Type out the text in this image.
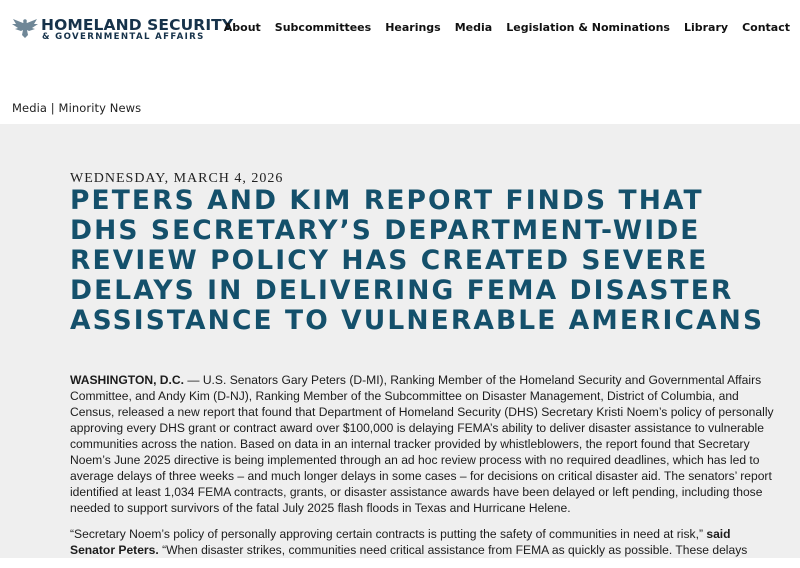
HOMELAND SECURITY
& GOVERNMENTAL AFFAIRS
About Subcommittees Hearings Media Legislation & Nominations Library Contact
Media | Minority News
WEDNESDAY, MARCH 4, 2026
PETERS AND KIM REPORT FINDS THAT DHS SECRETARY’S DEPARTMENT-WIDE REVIEW POLICY HAS CREATED SEVERE DELAYS IN DELIVERING FEMA DISASTER ASSISTANCE TO VULNERABLE AMERICANS

WASHINGTON, D.C. — U.S. Senators Gary Peters (D-MI), Ranking Member of the Homeland Security and Governmental Affairs Committee, and Andy Kim (D-NJ), Ranking Member of the Subcommittee on Disaster Management, District of Columbia, and Census, released a new report that found that Department of Homeland Security (DHS) Secretary Kristi Noem’s policy of personally approving every DHS grant or contract award over $100,000 is delaying FEMA’s ability to deliver disaster assistance to vulnerable communities across the nation. Based on data in an internal tracker provided by whistleblowers, the report found that Secretary Noem’s June 2025 directive is being implemented through an ad hoc review process with no required deadlines, which has led to average delays of three weeks – and much longer delays in some cases – for decisions on critical disaster aid. The senators’ report identified at least 1,034 FEMA contracts, grants, or disaster assistance awards have been delayed or left pending, including those needed to support survivors of the fatal July 2025 flash floods in Texas and Hurricane Helene.

“Secretary Noem’s policy of personally approving certain contracts is putting the safety of communities in need at risk,” said
Senator Peters. “When disaster strikes, communities need critical assistance from FEMA as quickly as possible. These delays
